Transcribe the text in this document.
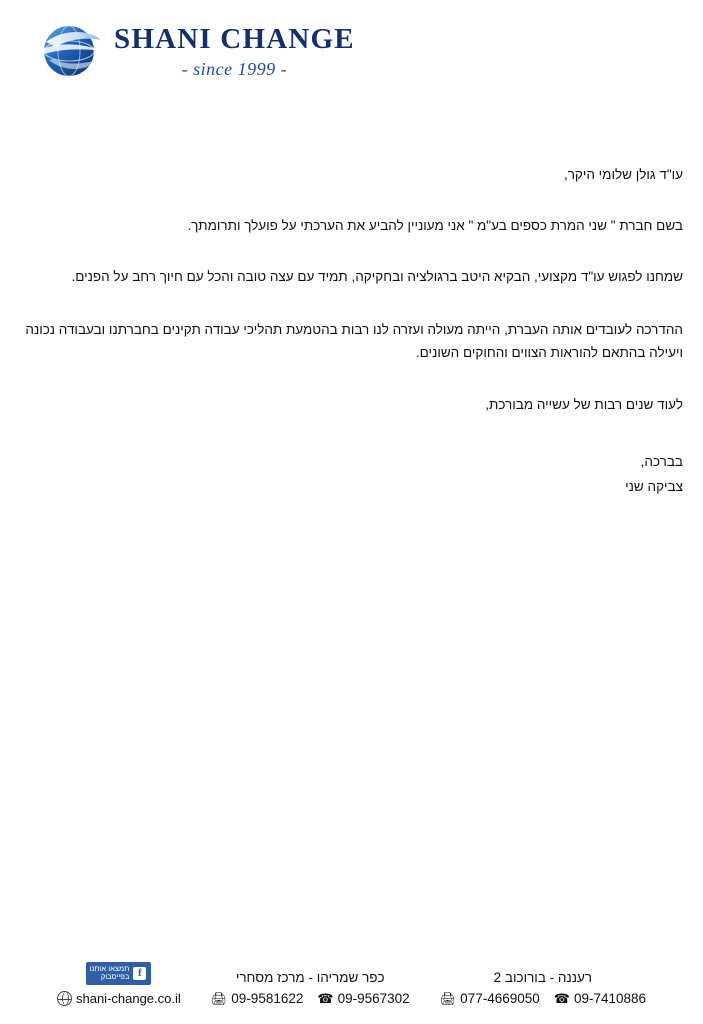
SHANI CHANGE
- since 1999 -

עו"ד גולן שלומי היקר,

בשם חברת " שני המרת כספים בע"מ " אני מעוניין להביע את הערכתי על פועלך ותרומתך.

שמחנו לפגוש עו"ד מקצועי, הבקיא היטב ברגולציה ובחקיקה, תמיד עם עצה טובה והכל עם חיוך רחב על הפנים.

ההדרכה לעובדים אותה העברת, הייתה מעולה ועזרה לנו רבות בהטמעת תהליכי עבודה תקינים בחברתנו ובעבודה נכונה ויעילה בהתאם להוראות הצווים והחוקים השונים.

לעוד שנים רבות של עשייה מבורכת,

בברכה,

צביקה שני

רעננה - בורוכוב 2
☎ 09-7410886
🖨 077-4669050
כפר שמריהו - מרכז מסחרי
☎ 09-9567302
🖨 09-9581622
f
תמצאו אותנו
בפייסבוק
shani-change.co.il
